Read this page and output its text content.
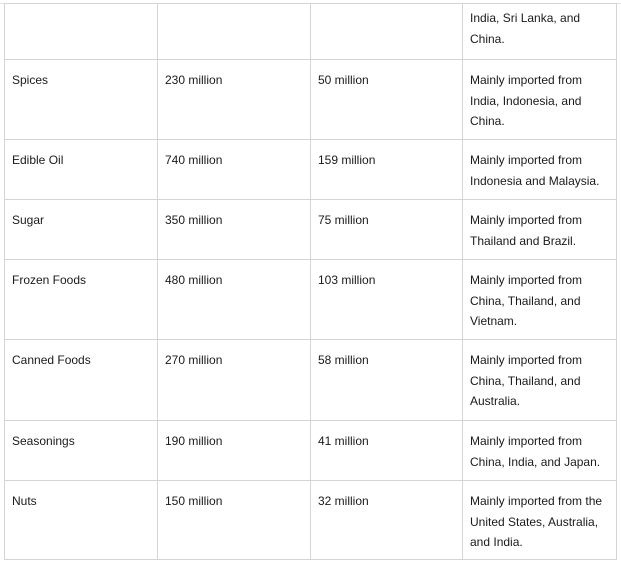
			India, Sri Lanka, and
China.

Spices	230 million	50 million	Mainly imported from
India, Indonesia, and
China.

Edible Oil	740 million	159 million	Mainly imported from
Indonesia and Malaysia.

Sugar	350 million	75 million	Mainly imported from
Thailand and Brazil.

Frozen Foods	480 million	103 million	Mainly imported from
China, Thailand, and
Vietnam.

Canned Foods	270 million	58 million	Mainly imported from
China, Thailand, and
Australia.

Seasonings	190 million	41 million	Mainly imported from
China, India, and Japan.

Nuts	150 million	32 million	Mainly imported from the
United States, Australia,
and India.
